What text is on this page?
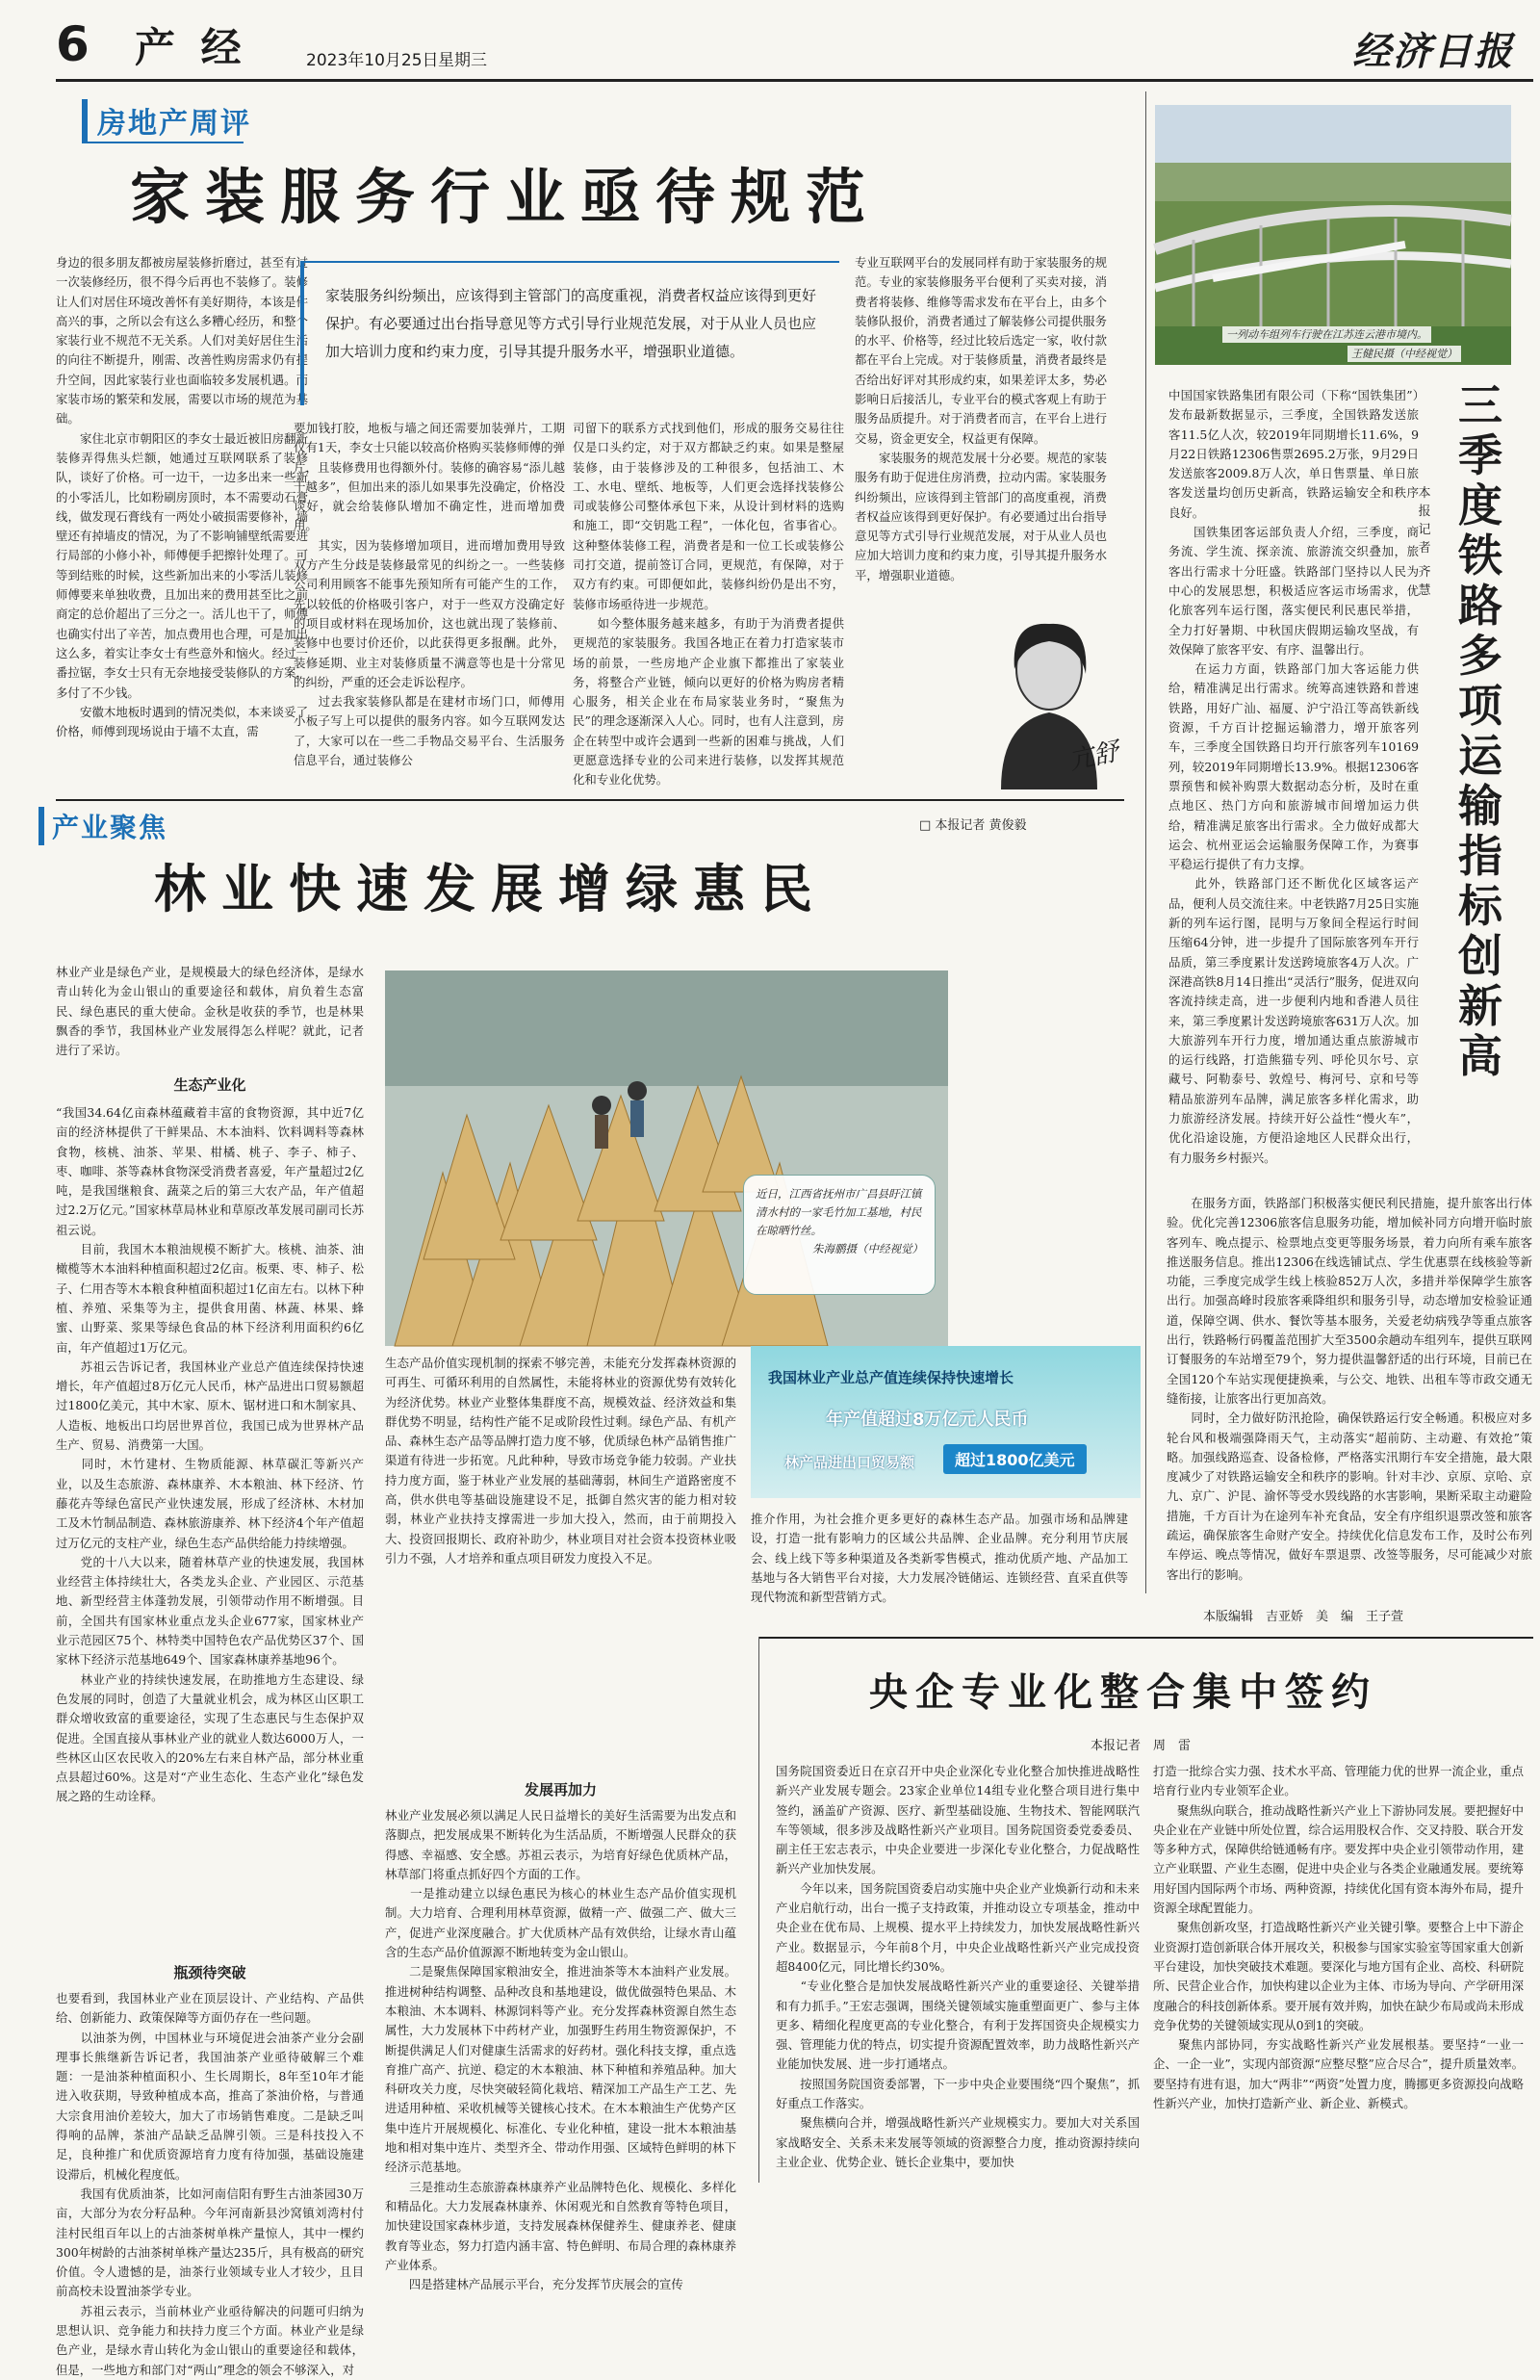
6 产 经	2023年10月25日 星期三	经济日报
房地产周评
家装服务行业亟待规范
身边的很多朋友都被房屋装修折磨过，甚至有过一次装修经历，很不得今后再也不装修了。装修让人们对居住环境改善怀有美好期待，本该是件高兴的事，之所以会有这么多糟心经历，和整个家装行业不规范不无关系。人们对美好居住生活的向往不断提升，刚需、改善性购房需求仍有提升空间，因此家装行业也面临较多发展机遇。而家装市场的繁荣和发展，需要以市场的规范为基础。
　　家住北京市朝阳区的李女士最近被旧房翻新装修弄得焦头烂额，她通过互联网联系了装修队，谈好了价格。可一边干，一边多出来一些新的小零活儿，比如粉刷房顶时，本不需要动石膏线，做发现石膏线有一两处小破损需要修补，墙壁还有掉墙皮的情况，为了不影响铺壁纸需要进行局部的小修小补，师傅便手把擦针处理了。可等到结账的时候，这些新加出来的小零活儿装修师傅要来单独收费，且加出来的费用甚至比之前商定的总价超出了三分之一。活儿也干了，师傅也确实付出了辛苦，加点费用也合理，可是加出这么多，着实让李女士有些意外和恼火。经过一番拉锯，李女士只有无奈地接受装修队的方案，多付了不少钱。
　　安徽木地板时遇到的情况类似，本来谈妥了价格，师傅到现场说由于墙不太直，需
要加钱打胶，地板与墙之间还需要加装弹片，工期仅有1天，李女士只能以较高价格购买装修师傅的弹片，且装修费用也得额外付。装修的确容易“添儿越干越多”，但加出来的添儿如果事先没确定，价格没谈好，就会给装修队增加不确定性，进而增加费用。
　　其实，因为装修增加项目，进而增加费用导致双方产生分歧是装修最常见的纠纷之一。一些装修公司利用顾客不能事先预知所有可能产生的工作，先以较低的价格吸引客户，对于一些双方没确定好的项目或材料在现场加价，这也就出现了装修前、装修中也要讨价还价，以此获得更多报酬。此外，装修延期、业主对装修质量不满意等也是十分常见的纠纷，严重的还会走诉讼程序。
　　过去我家装修队都是在建材市场门口，师傅用小板子写上可以提供的服务内容。如今互联网发达了，大家可以在一些二手物品交易平台、生活服务信息平台，通过装修公
司留下的联系方式找到他们，形成的服务交易往往仅是口头约定，对于双方都缺乏约束。如果是整屋装修，由于装修涉及的工种很多，包括油工、木工、水电、壁纸、地板等，人们更会选择找装修公司或装修公司整体承包下来，从设计到材料的选购和施工，即“交钥匙工程”，一体化包，省事省心。这种整体装修工程，消费者是和一位工长或装修公司打交道，提前签订合同，更规范，有保障，对于双方有约束。可即便如此，装修纠纷仍是出不穷，装修市场亟待进一步规范。
　　如今整体服务越来越多，有助于为消费者提供更规范的家装服务。我国各地正在着力打造家装市场的前景，一些房地产企业旗下都推出了家装业务，将整合产业链，倾向以更好的价格为购房者精心服务，相关企业在布局家装业务时，“聚焦为民”的理念逐渐深入人心。同时，也有人注意到，房企在转型中或许会遇到一些新的困难与挑战，人们更愿意选择专业的公司来进行装修，以发挥其规范化和专业化优势。
专业互联网平台的发展同样有助于家装服务的规范。专业的家装修服务平台便利了买卖对接，消费者将装修、维修等需求发布在平台上，由多个装修队报价，消费者通过了解装修公司提供服务的水平、价格等，经过比较后选定一家，收付款都在平台上完成。对于装修质量，消费者最终是否给出好评对其形成约束，如果差评太多，势必影响日后接活儿，专业平台的模式客观上有助于服务品质提升。对于消费者而言，在平台上进行交易，资金更安全，权益更有保障。
　　家装服务的规范发展十分必要。规范的家装服务有助于促进住房消费，拉动内需。家装服务纠纷频出，应该得到主管部门的高度重视，消费者权益应该得到更好保护。有必要通过出台指导意见等方式引导行业规范发展，对于从业人员也应加大培训力度和约束力度，引导其提升服务水平，增强职业道德。
家装服务纠纷频出，应该得到主管部门的高度重视，消费者权益应该得到更好保护。有必要通过出台指导意见等方式引导行业规范发展，对于从业人员也应加大培训力度和约束力度，引导其提升服务水平，增强职业道德。
亢舒
产业聚焦	□ 本报记者 黄俊毅
林业快速发展增绿惠民
林业产业是绿色产业，是规模最大的绿色经济体，是绿水青山转化为金山银山的重要途径和载体，肩负着生态富民、绿色惠民的重大使命。金秋是收获的季节，也是林果飘香的季节，我国林业产业发展得怎么样呢？就此，记者进行了采访。
生态产业化
“我国34.64亿亩森林蕴藏着丰富的食物资源，其中近7亿亩的经济林提供了干鲜果品、木本油料、饮料调料等森林食物，核桃、油茶、苹果、柑橘、桃子、李子、柿子、枣、咖啡、茶等森林食物深受消费者喜爱，年产量超过2亿吨，是我国继粮食、蔬菜之后的第三大农产品，年产值超过2.2万亿元。”国家林草局林业和草原改革发展司副司长苏祖云说。
　　目前，我国木本粮油规模不断扩大。核桃、油茶、油橄榄等木本油料种植面积超过2亿亩。板栗、枣、柿子、松子、仁用杏等木本粮食种植面积超过1亿亩左右。以林下种植、养殖、采集等为主，提供食用菌、林蔬、林果、蜂蜜、山野菜、浆果等绿色食品的林下经济利用面积约6亿亩，年产值超过1万亿元。
　　苏祖云告诉记者，我国林业产业总产值连续保持快速增长，年产值超过8万亿元人民币，林产品进出口贸易额超过1800亿美元，其中木家、原木、锯材进口和木制家具、人造板、地板出口均居世界首位，我国已成为世界林产品生产、贸易、消费第一大国。
　　同时，木竹建材、生物质能源、林草碳汇等新兴产业，以及生态旅游、森林康养、木本粮油、林下经济、竹藤花卉等绿色富民产业快速发展，形成了经济林、木材加工及木竹制品制造、森林旅游康养、林下经济4个年产值超过万亿元的支柱产业，绿色生态产品供给能力持续增强。
　　党的十八大以来，随着林草产业的快速发展，我国林业经营主体持续壮大，各类龙头企业、产业园区、示范基地、新型经营主体蓬勃发展，引领带动作用不断增强。目前，全国共有国家林业重点龙头企业677家，国家林业产业示范园区75个、林特类中国特色农产品优势区37个、国家林下经济示范基地649个、国家森林康养基地96个。
　　林业产业的持续快速发展，在助推地方生态建设、绿色发展的同时，创造了大量就业机会，成为林区山区职工群众增收致富的重要途径，实现了生态惠民与生态保护双促进。全国直接从事林业产业的就业人数达6000万人，一些林区山区农民收入的20%左右来自林产品，部分林业重点县超过60%。这是对“产业生态化、生态产业化”绿色发展之路的生动诠释。
瓶颈待突破
也要看到，我国林业产业在顶层设计、产业结构、产品供给、创新能力、政策保障等方面仍存在一些问题。
　　以油茶为例，中国林业与环境促进会油茶产业分会副理事长熊继新告诉记者，我国油茶产业亟待破解三个难题：一是油茶种植面积小、生长周期长，8年至10年才能进入收获期，导致种植成本高，推高了茶油价格，与普通大宗食用油价差较大，加大了市场销售难度。二是缺乏叫得响的品牌，茶油产品缺乏品牌引领。三是科技投入不足，良种推广和优质资源培育力度有待加强，基础设施建设滞后，机械化程度低。
　　我国有优质油茶，比如河南信阳有野生古油茶园30万亩，大部分为农分籽品种。今年河南新县沙窝镇刘湾村付洼村民组百年以上的古油茶树单株产量惊人，其中一棵约300年树龄的古油茶树单株产量达235斤，具有极高的研究价值。令人遗憾的是，油茶行业领域专业人才较少，且目前高校未设置油茶学专业。
　　苏祖云表示，当前林业产业亟待解决的问题可归纳为思想认识、竞争能力和扶持力度三个方面。林业产业是绿色产业，是绿水青山转化为金山银山的重要途径和载体，但是，一些地方和部门对“两山”理念的领会不够深入，对
近日，江西省抚州市广昌县盱江镇清水村的一家毛竹加工基地，村民在晾晒竹丝。
朱海鹏摄（中经视觉）
我国林业产业总产值连续保持快速增长
年产值超过8万亿元人民币
林产品进出口贸易额	超过1800亿美元
生态产品价值实现机制的探索不够完善，未能充分发挥森林资源的可再生、可循环利用的自然属性，未能将林业的资源优势有效转化为经济优势。林业产业整体集群度不高，规模效益、经济效益和集群优势不明显，结构性产能不足或阶段性过剩。绿色产品、有机产品、森林生态产品等品牌打造力度不够，优质绿色林产品销售推广渠道有待进一步拓宽。凡此种种，导致市场竞争能力较弱。产业扶持力度方面，鉴于林业产业发展的基础薄弱，林间生产道路密度不高，供水供电等基础设施建设不足，抵御自然灾害的能力相对较弱，林业产业扶持支撑需进一步加大投入，然而，由于前期投入大、投资回报期长、政府补助少，林业项目对社会资本投资林业吸引力不强，人才培养和重点项目研发力度投入不足。
发展再加力
林业产业发展必须以满足人民日益增长的美好生活需要为出发点和落脚点，把发展成果不断转化为生活品质，不断增强人民群众的获得感、幸福感、安全感。苏祖云表示，为培育好绿色优质林产品，林草部门将重点抓好四个方面的工作。
　　一是推动建立以绿色惠民为核心的林业生态产品价值实现机制。大力培育、合理利用林草资源，做精一产、做强二产、做大三产，促进产业深度融合。扩大优质林产品有效供给，让绿水青山蕴含的生态产品价值源源不断地转变为金山银山。
　　二是聚焦保障国家粮油安全，推进油茶等木本油料产业发展。推进树种结构调整、品种改良和基地建设，做优做强特色果品、木本粮油、木本调料、林源饲料等产业。充分发挥森林资源自然生态属性，大力发展林下中药材产业，加强野生药用生物资源保护，不断提供满足人们对健康生活需求的好药材。强化科技支撑，重点选育推广高产、抗逆、稳定的木本粮油、林下种植和养殖品种。加大科研攻关力度，尽快突破轻简化栽培、精深加工产品生产工艺、先进适用种植、采收机械等关键核心技术。在木本粮油生产优势产区集中连片开展规模化、标准化、专业化种植，建设一批木本粮油基地和相对集中连片、类型齐全、带动作用强、区域特色鲜明的林下经济示范基地。
　　三是推动生态旅游森林康养产业品牌特色化、规模化、多样化和精品化。大力发展森林康养、休闲观光和自然教育等特色项目，加快建设国家森林步道，支持发展森林保健养生、健康养老、健康教育等业态，努力打造内涵丰富、特色鲜明、布局合理的森林康养产业体系。
　　四是搭建林产品展示平台，充分发挥节庆展会的宣传
推介作用，为社会推介更多更好的森林生态产品。加强市场和品牌建设，打造一批有影响力的区域公共品牌、企业品牌。充分利用节庆展会、线上线下等多种渠道及各类新零售模式，推动优质产地、产品加工基地与各大销售平台对接，大力发展冷链储运、连锁经营、直采直供等现代物流和新型营销方式。
一列动车组列车行驶在江苏连云港市境内。
王健民摄（中经视觉）
中国国家铁路集团有限公司（下称“国铁集团”）发布最新数据显示，三季度，全国铁路发送旅客11.5亿人次，较2019年同期增长11.6%，9月22日铁路12306售票2695.2万张，9月29日发送旅客2009.8万人次，单日售票量、单日旅客发送量均创历史新高，铁路运输安全和秩序良好。
　　国铁集团客运部负责人介绍，三季度，商务流、学生流、探亲流、旅游流交织叠加，旅客出行需求十分旺盛。铁路部门坚持以人民为中心的发展思想，积极适应客运市场需求，优化旅客列车运行图，落实便民利民惠民举措，全力打好暑期、中秋国庆假期运输攻坚战，有效保障了旅客平安、有序、温馨出行。
　　在运力方面，铁路部门加大客运能力供给，精准满足出行需求。统筹高速铁路和普速铁路，用好广汕、福厦、沪宁沿江等高铁新线资源，千方百计挖掘运输潜力，增开旅客列车，三季度全国铁路日均开行旅客列车10169列，较2019年同期增长13.9%。根据12306客票预售和候补购票大数据动态分析，及时在重点地区、热门方向和旅游城市间增加运力供给，精准满足旅客出行需求。全力做好成都大运会、杭州亚运会运输服务保障工作，为赛事平稳运行提供了有力支撑。
　　此外，铁路部门还不断优化区域客运产品，便利人员交流往来。中老铁路7月25日实施新的列车运行图，昆明与万象间全程运行时间压缩64分钟，进一步提升了国际旅客列车开行品质，第三季度累计发送跨境旅客4万人次。广深港高铁8月14日推出“灵活行”服务，促进双向客流持续走高，进一步便利内地和香港人员往来，第三季度累计发送跨境旅客631万人次。加大旅游列车开行力度，增加通达重点旅游城市的运行线路，打造熊猫专列、呼伦贝尔号、京藏号、阿勒泰号、敦煌号、梅河号、京和号等精品旅游列车品牌，满足旅客多样化需求，助力旅游经济发展。持续开好公益性“慢火车”，优化沿途设施，方便沿途地区人民群众出行，有力服务乡村振兴。
本
报
记
者
齐
慧
三
季
度
铁
路
多
项
运
输
指
标
创
新
高
　　在服务方面，铁路部门积极落实便民利民措施，提升旅客出行体验。优化完善12306旅客信息服务功能，增加候补同方向增开临时旅客列车、晚点提示、检票地点变更等服务场景，着力向所有乘车旅客推送服务信息。推出12306在线选铺试点、学生优惠票在线核验等新功能，三季度完成学生线上核验852万人次，多措并举保障学生旅客出行。加强高峰时段旅客乘降组织和服务引导，动态增加安检验证通道，保障空调、供水、餐饮等基本服务，关爱老幼病残孕等重点旅客出行，铁路畅行码覆盖范围扩大至3500余趟动车组列车，提供互联网订餐服务的车站增至79个，努力提供温馨舒适的出行环境，目前已在全国120个车站实现便捷换乘，与公交、地铁、出租车等市政交通无缝衔接，让旅客出行更加高效。
　　同时，全力做好防汛抢险，确保铁路运行安全畅通。积极应对多轮台风和极端强降雨天气，主动落实“超前防、主动避、有效抢”策略。加强线路巡查、设备检修，严格落实汛期行车安全措施，最大限度减少了对铁路运输安全和秩序的影响。针对丰沙、京原、京哈、京九、京广、沪昆、渝怀等受水毁线路的水害影响，果断采取主动避险措施，千方百计为在途列车补充食品，安全有序组织退票改签和旅客疏运，确保旅客生命财产安全。持续优化信息发布工作，及时公布列车停运、晚点等情况，做好车票退票、改签等服务，尽可能减少对旅客出行的影响。
本版编辑　吉亚娇　美　编　王子萱
央企专业化整合集中签约
本报记者　周　雷
国务院国资委近日在京召开中央企业深化专业化整合加快推进战略性新兴产业发展专题会。23家企业单位14组专业化整合项目进行集中签约，涵盖矿产资源、医疗、新型基础设施、生物技术、智能网联汽车等领域，很多涉及战略性新兴产业项目。国务院国资委党委委员、副主任王宏志表示，中央企业要进一步深化专业化整合，力促战略性新兴产业加快发展。
　　今年以来，国务院国资委启动实施中央企业产业焕新行动和未来产业启航行动，出台一揽子支持政策，并推动设立专项基金，推动中央企业在优布局、上规模、提水平上持续发力，加快发展战略性新兴产业。数据显示，今年前8个月，中央企业战略性新兴产业完成投资超8400亿元，同比增长约30%。
　　“专业化整合是加快发展战略性新兴产业的重要途径、关键举措和有力抓手。”王宏志强调，围绕关键领域实施重塑面更广、参与主体更多、精细化程度更高的专业化整合，有利于发挥国资央企规模实力强、管理能力优的特点，切实提升资源配置效率，助力战略性新兴产业能加快发展、进一步打通堵点。
　　按照国务院国资委部署，下一步中央企业要围绕“四个聚焦”，抓好重点工作落实。
　　聚焦横向合并，增强战略性新兴产业规模实力。要加大对关系国家战略安全、关系未来发展等领域的资源整合力度，推动资源持续向主业企业、优势企业、链长企业集中，要加快
打造一批综合实力强、技术水平高、管理能力优的世界一流企业，重点培育行业内专业领军企业。
　　聚焦纵向联合，推动战略性新兴产业上下游协同发展。要把握好中央企业在产业链中所处位置，综合运用股权合作、交叉持股、联合开发等多种方式，保障供给链通畅有序。要发挥中央企业引领带动作用，建立产业联盟、产业生态圈，促进中央企业与各类企业融通发展。要统筹用好国内国际两个市场、两种资源，持续优化国有资本海外布局，提升资源全球配置能力。
　　聚焦创新攻坚，打造战略性新兴产业关键引擎。要整合上中下游企业资源打造创新联合体开展攻关，积极参与国家实验室等国家重大创新平台建设，加快突破技术难题。要深化与地方国有企业、高校、科研院所、民营企业合作，加快构建以企业为主体、市场为导向、产学研用深度融合的科技创新体系。要开展有效并购，加快在缺少布局或尚未形成竞争优势的关键领域实现从0到1的突破。
　　聚焦内部协同，夯实战略性新兴产业发展根基。要坚持“一业一企、一企一业”，实现内部资源“应整尽整”应合尽合”，提升质量效率。要坚持有进有退，加大“两非”“两资”处置力度，腾挪更多资源投向战略性新兴产业，加快打造新产业、新企业、新模式。
